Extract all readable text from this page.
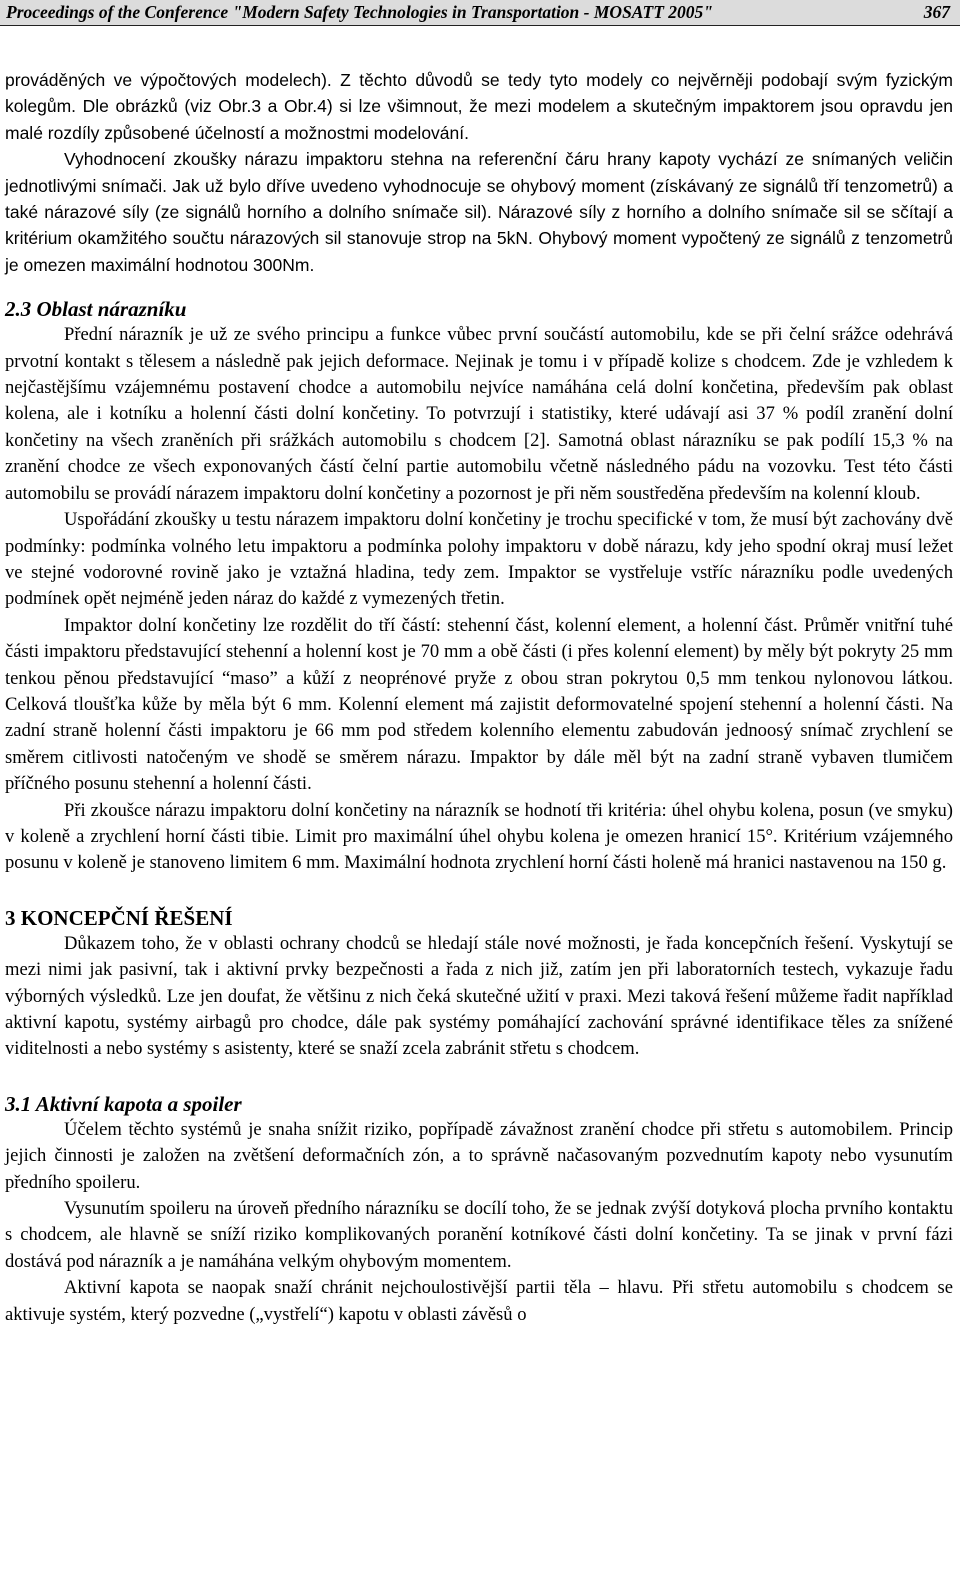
Proceedings of the Conference "Modern Safety Technologies in Transportation - MOSATT 2005"	367

prováděných ve výpočtových modelech). Z těchto důvodů se tedy tyto modely co nejvěrněji podobají svým fyzickým kolegům. Dle obrázků (viz Obr.3 a Obr.4) si lze všimnout, že mezi modelem a skutečným impaktorem jsou opravdu jen malé rozdíly způsobené účelností a možnostmi modelování.

Vyhodnocení zkoušky nárazu impaktoru stehna na referenční čáru hrany kapoty vychází ze snímaných veličin jednotlivými snímači. Jak už bylo dříve uvedeno vyhodnocuje se ohybový moment (získávaný ze signálů tří tenzometrů) a také nárazové síly (ze signálů horního a dolního snímače sil). Nárazové síly z horního a dolního snímače sil se sčítají a kritérium okamžitého součtu nárazových sil stanovuje strop na 5kN. Ohybový moment vypočtený ze signálů z tenzometrů je omezen maximální hodnotou 300Nm.

2.3 Oblast nárazníku

Přední nárazník je už ze svého principu a funkce vůbec první součástí automobilu, kde se při čelní srážce odehrává prvotní kontakt s tělesem a následně pak jejich deformace. Nejinak je tomu i v případě kolize s chodcem. Zde je vzhledem k nejčastějšímu vzájemnému postavení chodce a automobilu nejvíce namáhána celá dolní končetina, především pak oblast kolena, ale i kotníku a holenní části dolní končetiny. To potvrzují i statistiky, které udávají asi 37 % podíl zranění dolní končetiny na všech zraněních při srážkách automobilu s chodcem [2]. Samotná oblast nárazníku se pak podílí 15,3 % na zranění chodce ze všech exponovaných částí čelní partie automobilu včetně následného pádu na vozovku. Test této části automobilu se provádí nárazem impaktoru dolní končetiny a pozornost je při něm soustředěna především na kolenní kloub.

Uspořádání zkoušky u testu nárazem impaktoru dolní končetiny je trochu specifické v tom, že musí být zachovány dvě podmínky: podmínka volného letu impaktoru a podmínka polohy impaktoru v době nárazu, kdy jeho spodní okraj musí ležet ve stejné vodorovné rovině jako je vztažná hladina, tedy zem. Impaktor se vystřeluje vstříc nárazníku podle uvedených podmínek opět nejméně jeden náraz do každé z vymezených třetin.

Impaktor dolní končetiny lze rozdělit do tří částí: stehenní část, kolenní element, a holenní část. Průměr vnitřní tuhé části impaktoru představující stehenní a holenní kost je 70 mm a obě části (i přes kolenní element) by měly být pokryty 25 mm tenkou pěnou představující “maso” a kůží z neoprénové pryže z obou stran pokrytou 0,5 mm tenkou nylonovou látkou. Celková tloušťka kůže by měla být 6 mm. Kolenní element má zajistit deformovatelné spojení stehenní a holenní části. Na zadní straně holenní části impaktoru je 66 mm pod středem kolenního elementu zabudován jednoosý snímač zrychlení se směrem citlivosti natočeným ve shodě se směrem nárazu. Impaktor by dále měl být na zadní straně vybaven tlumičem příčného posunu stehenní a holenní části.

Při zkoušce nárazu impaktoru dolní končetiny na nárazník se hodnotí tři kritéria: úhel ohybu kolena, posun (ve smyku) v koleně a zrychlení horní části tibie. Limit pro maximální úhel ohybu kolena je omezen hranicí 15°. Kritérium vzájemného posunu v koleně je stanoveno limitem 6 mm. Maximální hodnota zrychlení horní části holeně má hranici nastavenou na 150 g.

3 KONCEPČNÍ ŘEŠENÍ

Důkazem toho, že v oblasti ochrany chodců se hledají stále nové možnosti, je řada koncepčních řešení. Vyskytují se mezi nimi jak pasivní, tak i aktivní prvky bezpečnosti a řada z nich již, zatím jen při laboratorních testech, vykazuje řadu výborných výsledků. Lze jen doufat, že většinu z nich čeká skutečné užití v praxi. Mezi taková řešení můžeme řadit například aktivní kapotu, systémy airbagů pro chodce, dále pak systémy pomáhající zachování správné identifikace těles za snížené viditelnosti a nebo systémy s asistenty, které se snaží zcela zabránit střetu s chodcem.

3.1 Aktivní kapota a spoiler

Účelem těchto systémů je snaha snížit riziko, popřípadě závažnost zranění chodce při střetu s automobilem. Princip jejich činnosti je založen na zvětšení deformačních zón, a to správně načasovaným pozvednutím kapoty nebo vysunutím předního spoileru.

Vysunutím spoileru na úroveň předního nárazníku se docílí toho, že se jednak zvýší dotyková plocha prvního kontaktu s chodcem, ale hlavně se sníží riziko komplikovaných poranění kotníkové části dolní končetiny. Ta se jinak v první fázi dostává pod nárazník a je namáhána velkým ohybovým momentem.

Aktivní kapota se naopak snaží chránit nejchoulostivější partii těla – hlavu. Při střetu automobilu s chodcem se aktivuje systém, který pozvedne („vystřelí“) kapotu v oblasti závěsů o
